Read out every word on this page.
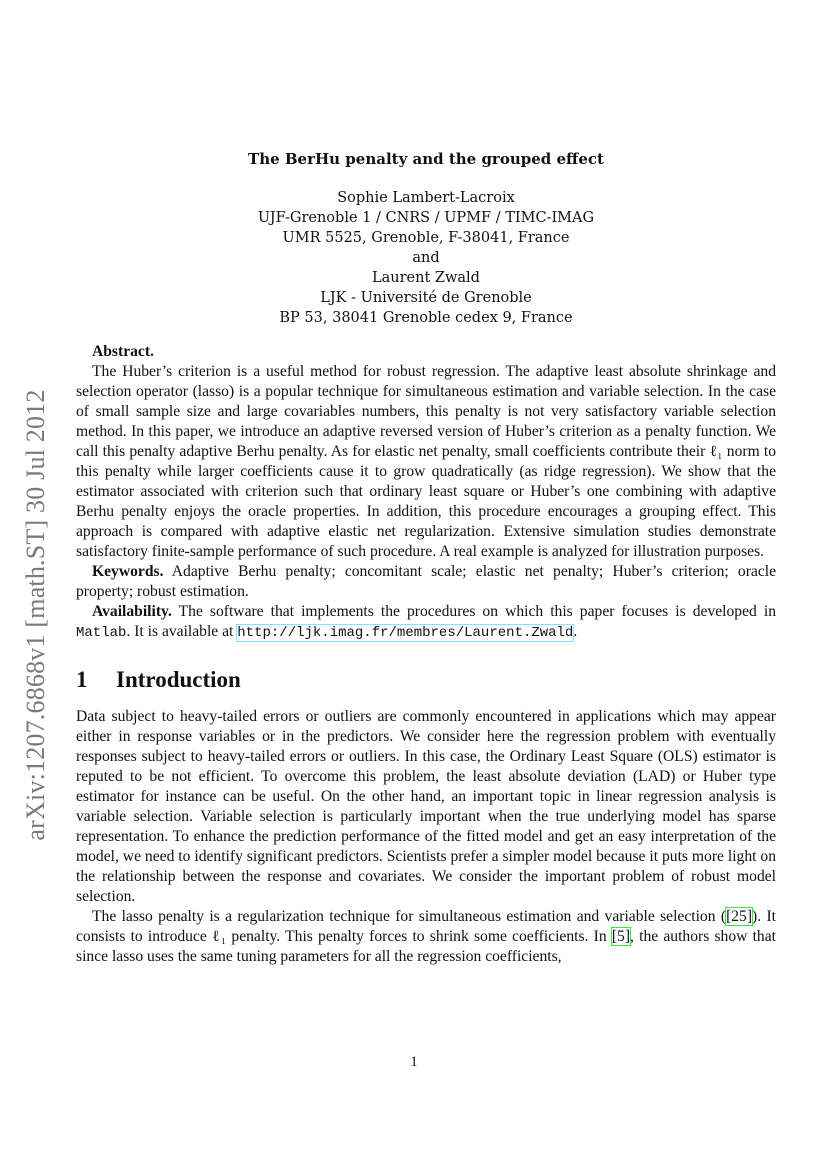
arXiv:1207.6868v1 [math.ST] 30 Jul 2012
The BerHu penalty and the grouped effect
Sophie Lambert-Lacroix
UJF-Grenoble 1 / CNRS / UPMF / TIMC-IMAG
UMR 5525, Grenoble, F-38041, France
and
Laurent Zwald
LJK - Université de Grenoble
BP 53, 38041 Grenoble cedex 9, France
Abstract.

The Huber’s criterion is a useful method for robust regression. The adaptive least absolute shrinkage and selection operator (lasso) is a popular technique for simultaneous estimation and variable selection. In the case of small sample size and large covariables numbers, this penalty is not very satisfactory variable selection method. In this paper, we introduce an adaptive reversed version of Huber’s criterion as a penalty function. We call this penalty adaptive Berhu penalty. As for elastic net penalty, small coefficients contribute their ℓ₁ norm to this penalty while larger coefficients cause it to grow quadratically (as ridge regression). We show that the estimator associated with criterion such that ordinary least square or Huber’s one combining with adaptive Berhu penalty enjoys the oracle properties. In addition, this procedure encourages a grouping effect. This approach is compared with adaptive elastic net regularization. Extensive simulation studies demonstrate satisfactory finite-sample performance of such procedure. A real example is analyzed for illustration purposes.

Keywords. Adaptive Berhu penalty; concomitant scale; elastic net penalty; Huber’s criterion; oracle property; robust estimation.

Availability. The software that implements the procedures on which this paper focuses is developed in Matlab. It is available at http://ljk.imag.fr/membres/Laurent.Zwald.

1 Introduction

Data subject to heavy-tailed errors or outliers are commonly encountered in applications which may appear either in response variables or in the predictors. We consider here the regression problem with eventually responses subject to heavy-tailed errors or outliers. In this case, the Ordinary Least Square (OLS) estimator is reputed to be not efficient. To overcome this problem, the least absolute deviation (LAD) or Huber type estimator for instance can be useful. On the other hand, an important topic in linear regression analysis is variable selection. Variable selection is particularly important when the true underlying model has sparse representation. To enhance the prediction performance of the fitted model and get an easy interpretation of the model, we need to identify significant predictors. Scientists prefer a simpler model because it puts more light on the relationship between the response and covariates. We consider the important problem of robust model selection.

The lasso penalty is a regularization technique for simultaneous estimation and variable selection ([25]). It consists to introduce ℓ₁ penalty. This penalty forces to shrink some coefficients. In [5], the authors show that since lasso uses the same tuning parameters for all the regression coefficients,

1
